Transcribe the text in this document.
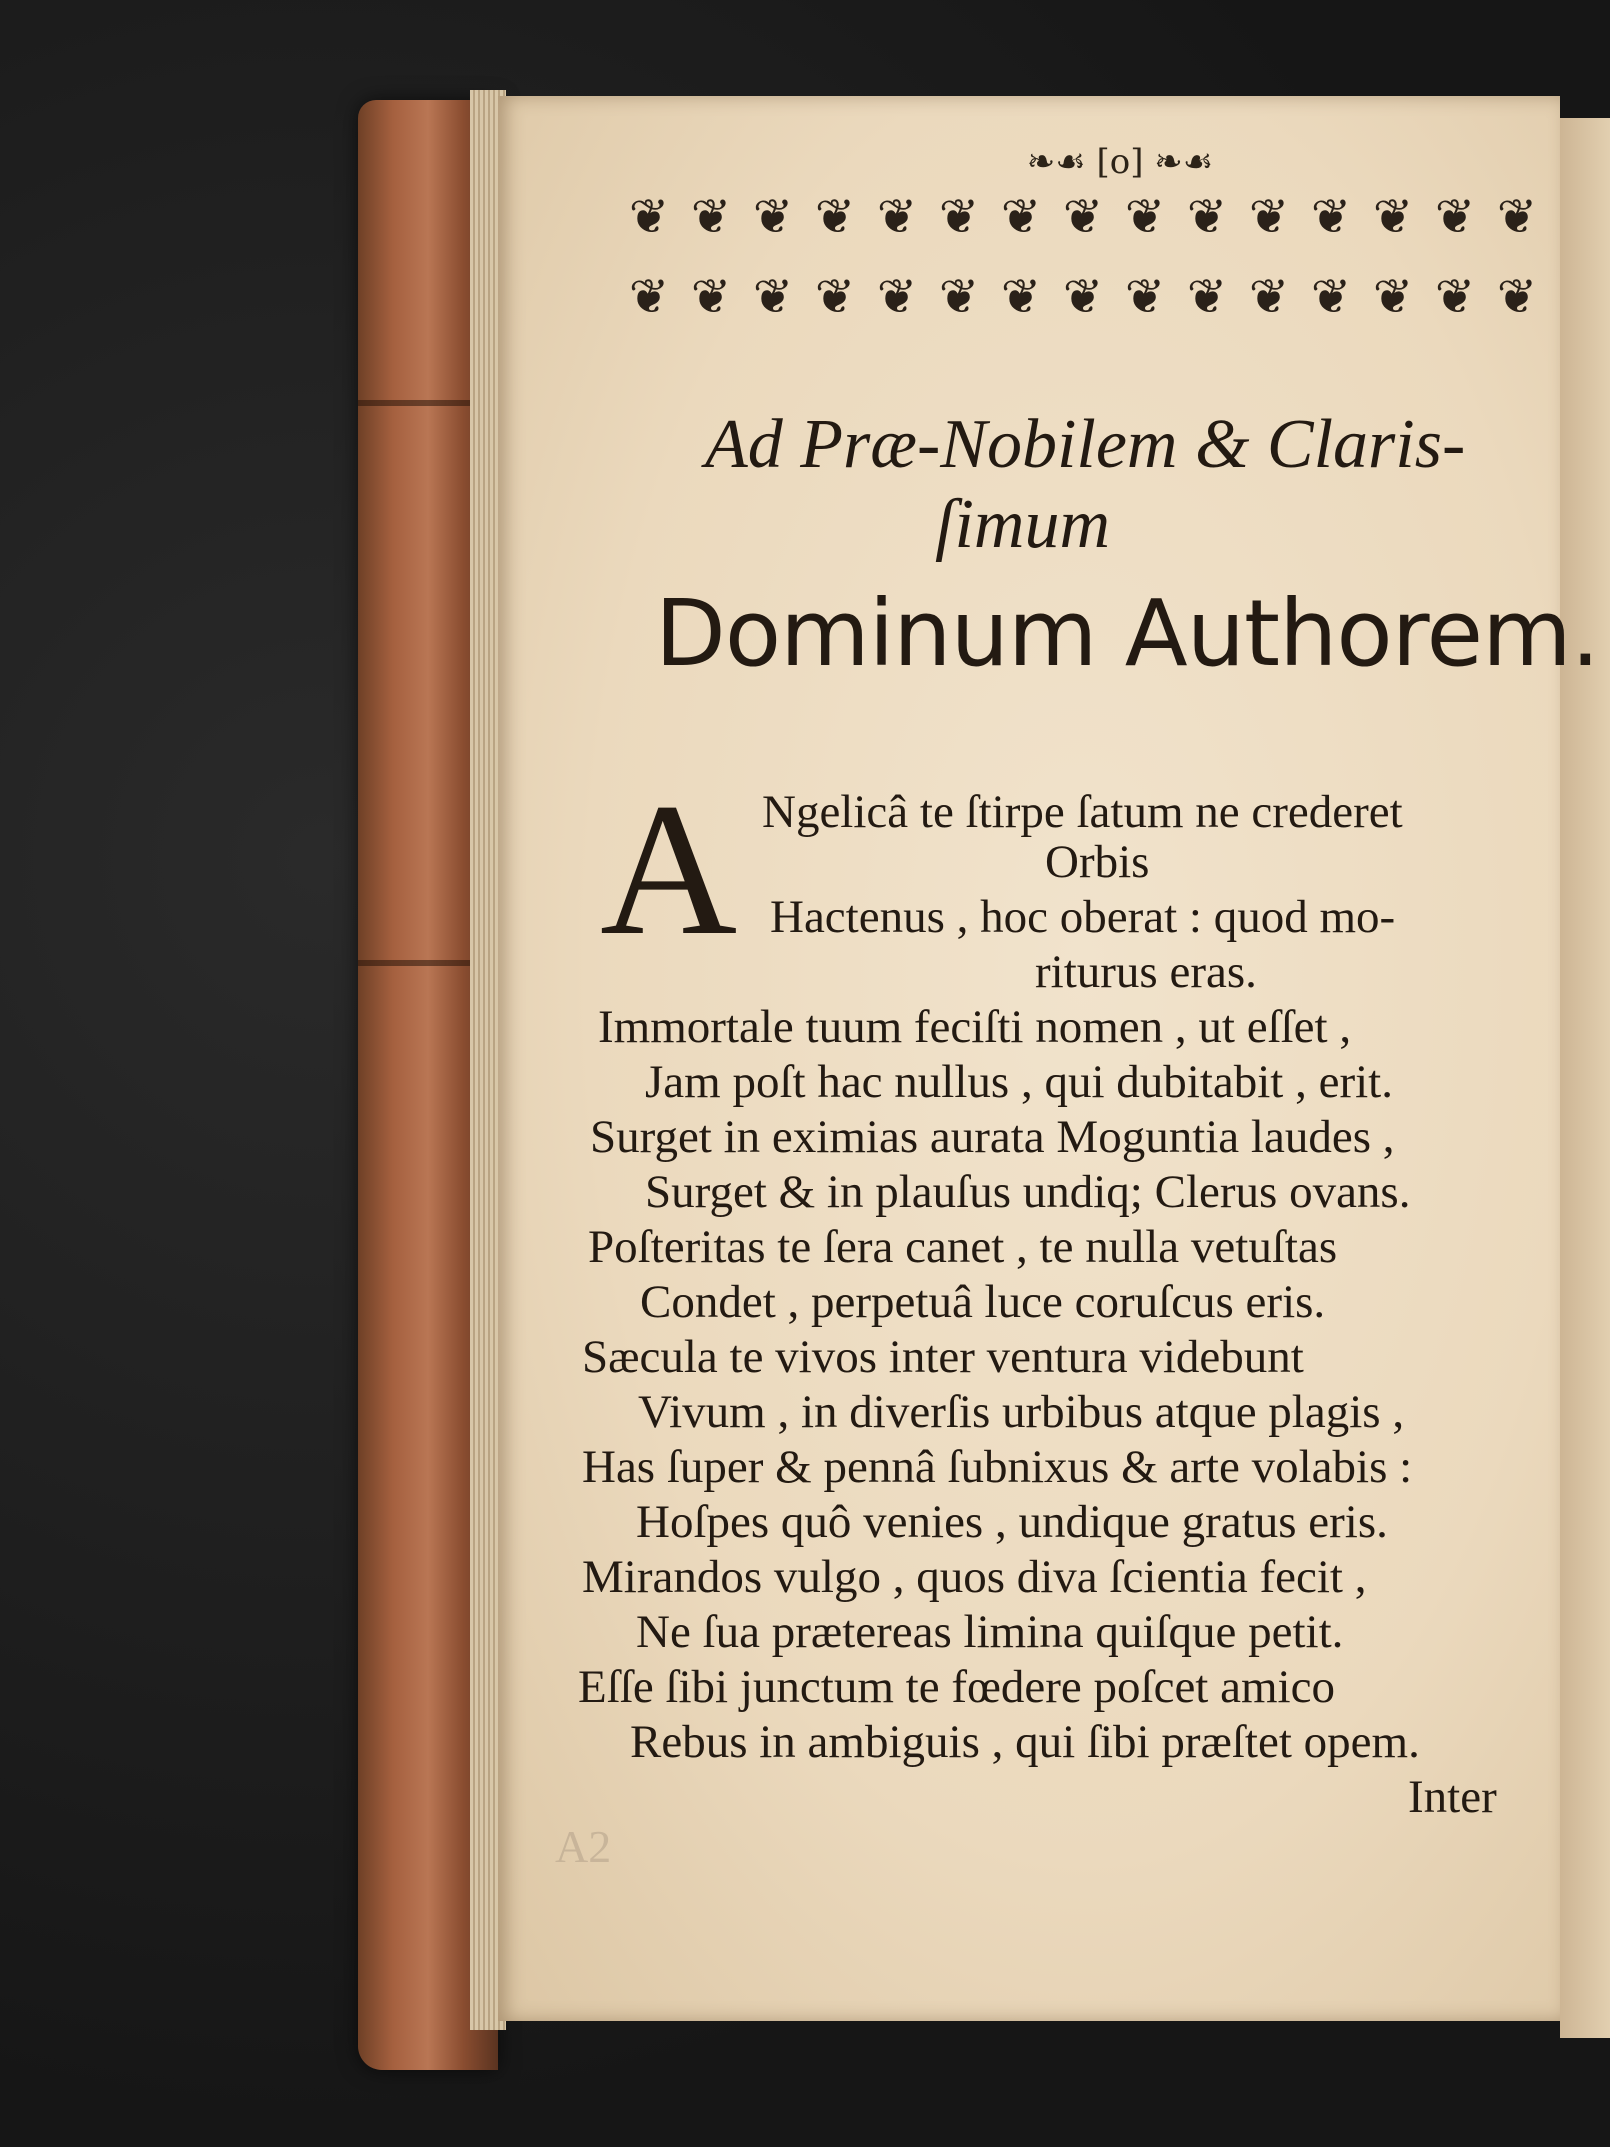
❧☙ [o] ❧☙
❦ ❦ ❦ ❦ ❦ ❦ ❦ ❦ ❦ ❦ ❦ ❦ ❦ ❦ ❦
❦ ❦ ❦ ❦ ❦ ❦ ❦ ❦ ❦ ❦ ❦ ❦ ❦ ❦ ❦
Ad Præ-Nobilem & Claris-
ſimum
Dominum Authorem.
A Ngelicâ te ſtirpe ſatum ne crederet
Orbis
Hactenus , hoc oberat : quod mo-
riturus eras.
Immortale tuum feciſti nomen , ut eſſet ,
Jam poſt hac nullus , qui dubitabit , erit.
Surget in eximias aurata Moguntia laudes ,
Surget & in plauſus undiq; Clerus ovans.
Poſteritas te ſera canet , te nulla vetuſtas
Condet , perpetuâ luce coruſcus eris.
Sæcula te vivos inter ventura videbunt
Vivum , in diverſis urbibus atque plagis ,
Has ſuper & pennâ ſubnixus & arte volabis :
Hoſpes quô venies , undique gratus eris.
Mirandos vulgo , quos diva ſcientia fecit ,
Ne ſua prætereas limina quiſque petit.
Eſſe ſibi junctum te fœdere poſcet amico
Rebus in ambiguis , qui ſibi præſtet opem.
Inter
A2
